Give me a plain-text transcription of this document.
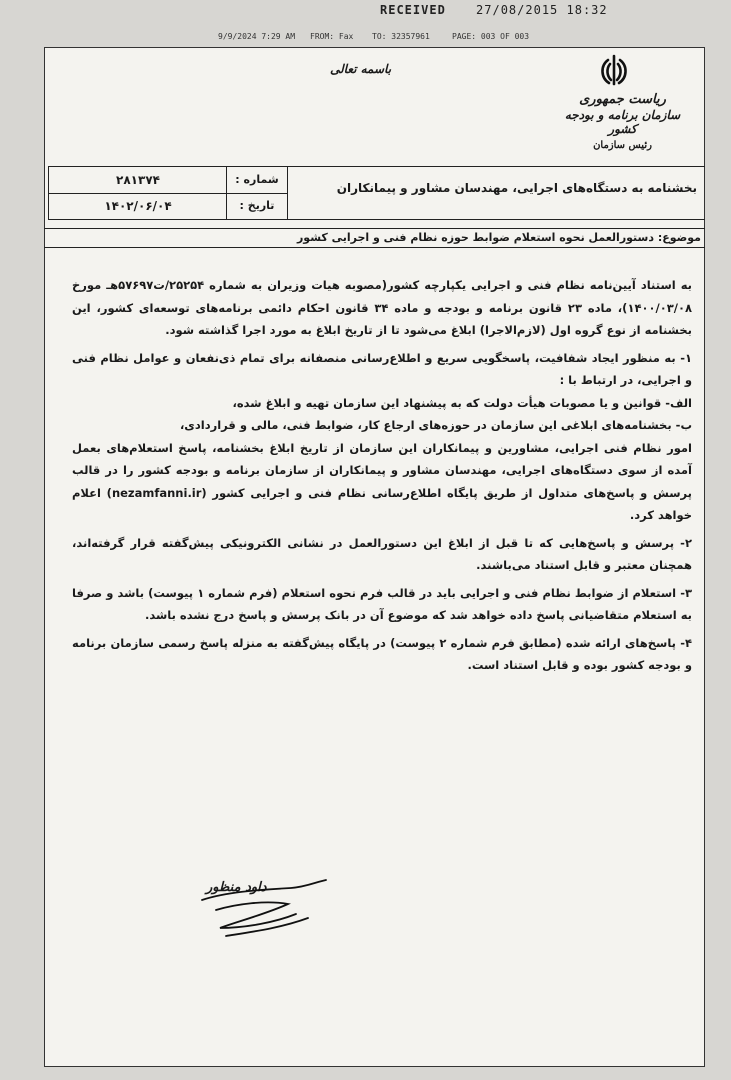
RECEIVED	27/08/2015 18:32
9/9/2024 7:29 AM FROM: Fax TO: 32357961	PAGE: 003 OF 003
باسمه تعالی
ریاست جمهوری
سازمان برنامه و بودجه کشور
رئیس سازمان
شماره :
۲۸۱۳۷۴
تاریخ :
۱۴۰۲/۰۶/۰۴
بخشنامه به دستگاه‌های اجرایی، مهندسان مشاور و پیمانکاران
موضوع: دستورالعمل نحوه استعلام ضوابط حوزه نظام فنی و اجرایی کشور

به استناد آیین‌نامه نظام فنی و اجرایی یکپارچه کشور(مصوبه هیات وزیران به شماره ۲۵۲۵۴/ت۵۷۶۹۷هـ مورخ ۱۴۰۰/۰۳/۰۸)، ماده ۲۳ قانون برنامه و بودجه و ماده ۳۴ قانون احکام دائمی برنامه‌های توسعه‌ای کشور، این بخشنامه از نوع گروه اول (لازم‌الاجرا) ابلاغ می‌شود تا از تاریخ ابلاغ به مورد اجرا گذاشته شود.

۱- به منظور ایجاد شفافیت، پاسخگویی سریع و اطلاع‌رسانی منصفانه برای تمام ذی‌نفعان و عوامل نظام فنی و اجرایی، در ارتباط با :

الف- قوانین و یا مصوبات هیأت دولت که به پیشنهاد این سازمان تهیه و ابلاغ شده،

ب- بخشنامه‌های ابلاغی این سازمان در حوزه‌های ارجاع کار، ضوابط فنی، مالی و قراردادی،

امور نظام فنی اجرایی، مشاورین و پیمانکاران این سازمان از تاریخ ابلاغ بخشنامه، پاسخ استعلام‌های بعمل آمده از سوی دستگاه‌های اجرایی، مهندسان مشاور و پیمانکاران از سازمان برنامه و بودجه کشور را در قالب پرسش و پاسخ‌های متداول از طریق پایگاه اطلاع‌رسانی نظام فنی و اجرایی کشور (nezamfanni.ir) اعلام خواهد کرد.

۲- پرسش و پاسخ‌هایی که تا قبل از ابلاغ این دستورالعمل در نشانی الکترونیکی پیش‌گفته قرار گرفته‌اند، همچنان معتبر و قابل استناد می‌باشند.

۳- استعلام از ضوابط نظام فنی و اجرایی باید در قالب فرم نحوه استعلام (فرم شماره ۱ پیوست) باشد و صرفا به استعلام متقاضیانی پاسخ داده خواهد شد که موضوع آن در بانک پرسش و پاسخ درج نشده باشد.

۴- پاسخ‌های ارائه شده (مطابق فرم شماره ۲ پیوست) در پایگاه پیش‌گفته به منزله پاسخ رسمی سازمان برنامه و بودجه کشور بوده و قابل استناد است.

داود منظور
